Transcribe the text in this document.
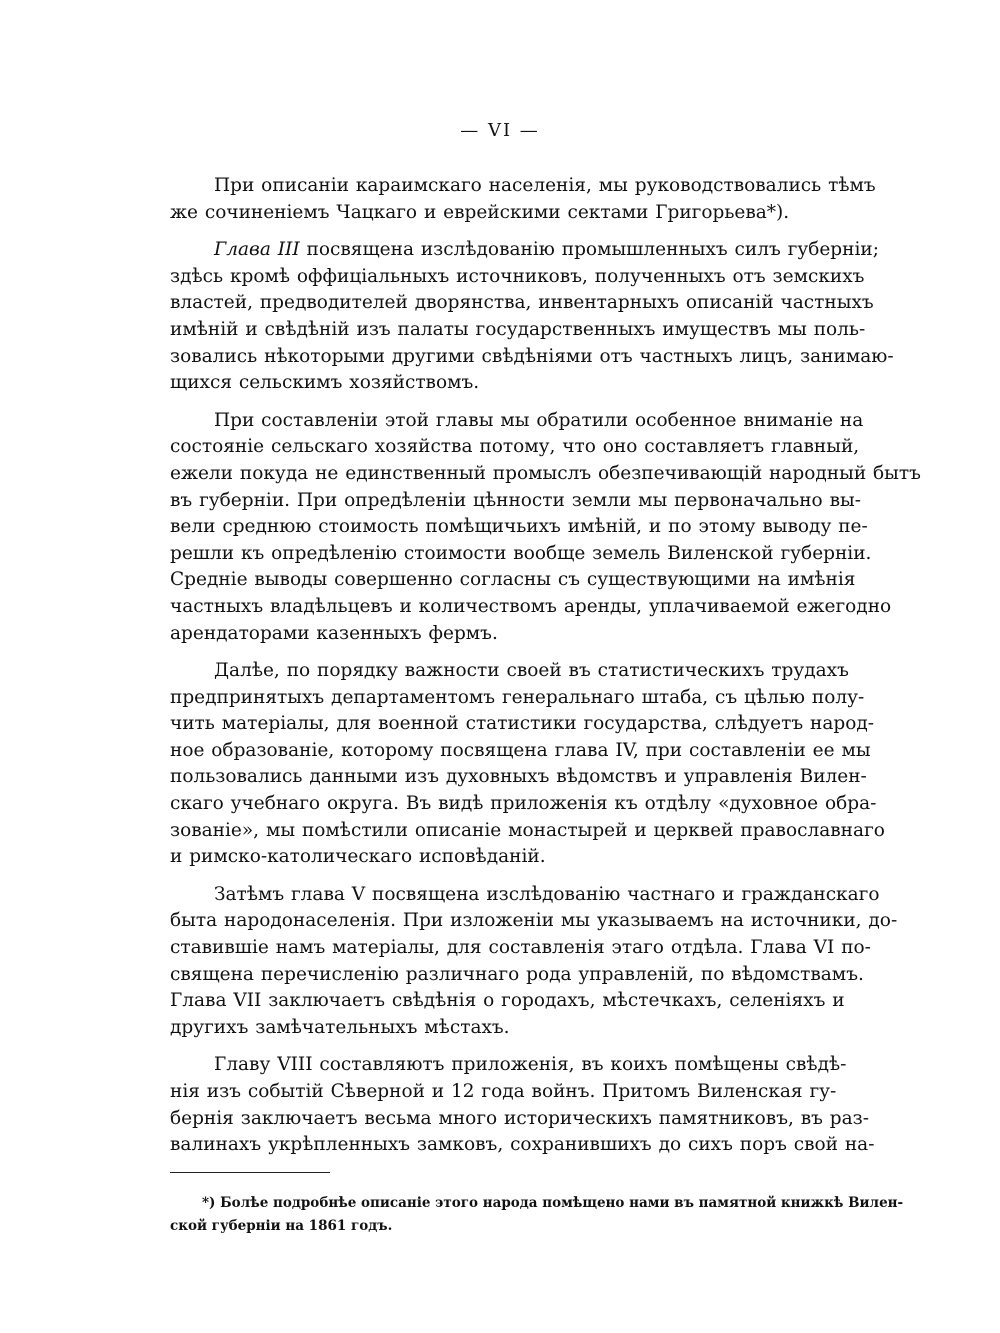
— VI —
При описаніи караимскаго населенія, мы руководствовались тѣмъ
же сочиненіемъ Чацкаго и еврейскими сектами Григорьева*).
Глава III посвящена изслѣдованію промышленныхъ силъ губерніи;
здѣсь кромѣ оффиціальныхъ источниковъ, полученныхъ отъ земскихъ
властей, предводителей дворянства, инвентарныхъ описаній частныхъ
имѣній и свѣдѣній изъ палаты государственныхъ имуществъ мы поль-
зовались нѣкоторыми другими свѣдѣніями отъ частныхъ лицъ, занимаю-
щихся сельскимъ хозяйствомъ.
При составленіи этой главы мы обратили особенное вниманіе на
состояніе сельскаго хозяйства потому, что оно составляетъ главный,
ежели покуда не единственный промыслъ обезпечивающій народный бытъ
въ губерніи. При опредѣленіи цѣнности земли мы первоначально вы-
вели среднюю стоимость помѣщичьихъ имѣній, и по этому выводу пе-
решли къ опредѣленію стоимости вообще земель Виленской губерніи.
Средніе выводы совершенно согласны съ существующими на имѣнія
частныхъ владѣльцевъ и количествомъ аренды, уплачиваемой ежегодно
арендаторами казенныхъ фермъ.
Далѣе, по порядку важности своей въ статистическихъ трудахъ
предпринятыхъ департаментомъ генеральнаго штаба, съ цѣлью полу-
чить матеріалы, для военной статистики государства, слѣдуетъ народ-
ное образованіе, которому посвящена глава IV, при составленіи ее мы
пользовались данными изъ духовныхъ вѣдомствъ и управленія Вилен-
скаго учебнаго округа. Въ видѣ приложенія къ отдѣлу «духовное обра-
зованіе», мы помѣстили описаніе монастырей и церквей православнаго
и римско-католическаго исповѣданій.
Затѣмъ глава V посвящена изслѣдованію частнаго и гражданскаго
быта народонаселенія. При изложеніи мы указываемъ на источники, до-
ставившіе намъ матеріалы, для составленія этаго отдѣла. Глава VI по-
священа перечисленію различнаго рода управленій, по вѣдомствамъ.
Глава VII заключаетъ свѣдѣнія о городахъ, мѣстечкахъ, селеніяхъ и
другихъ замѣчательныхъ мѣстахъ.
Главу VIII составляютъ приложенія, въ коихъ помѣщены свѣдѣ-
нія изъ событій Сѣверной и 12 года войнъ. Притомъ Виленская гу-
бернія заключаетъ весьма много историческихъ памятниковъ, въ раз-
валинахъ укрѣпленныхъ замковъ, сохранившихъ до сихъ поръ свой на-
*) Болѣе подробнѣе описаніе этого народа помѣщено нами въ памятной книжкѣ Вилен-
ской губерніи на 1861 годъ.
